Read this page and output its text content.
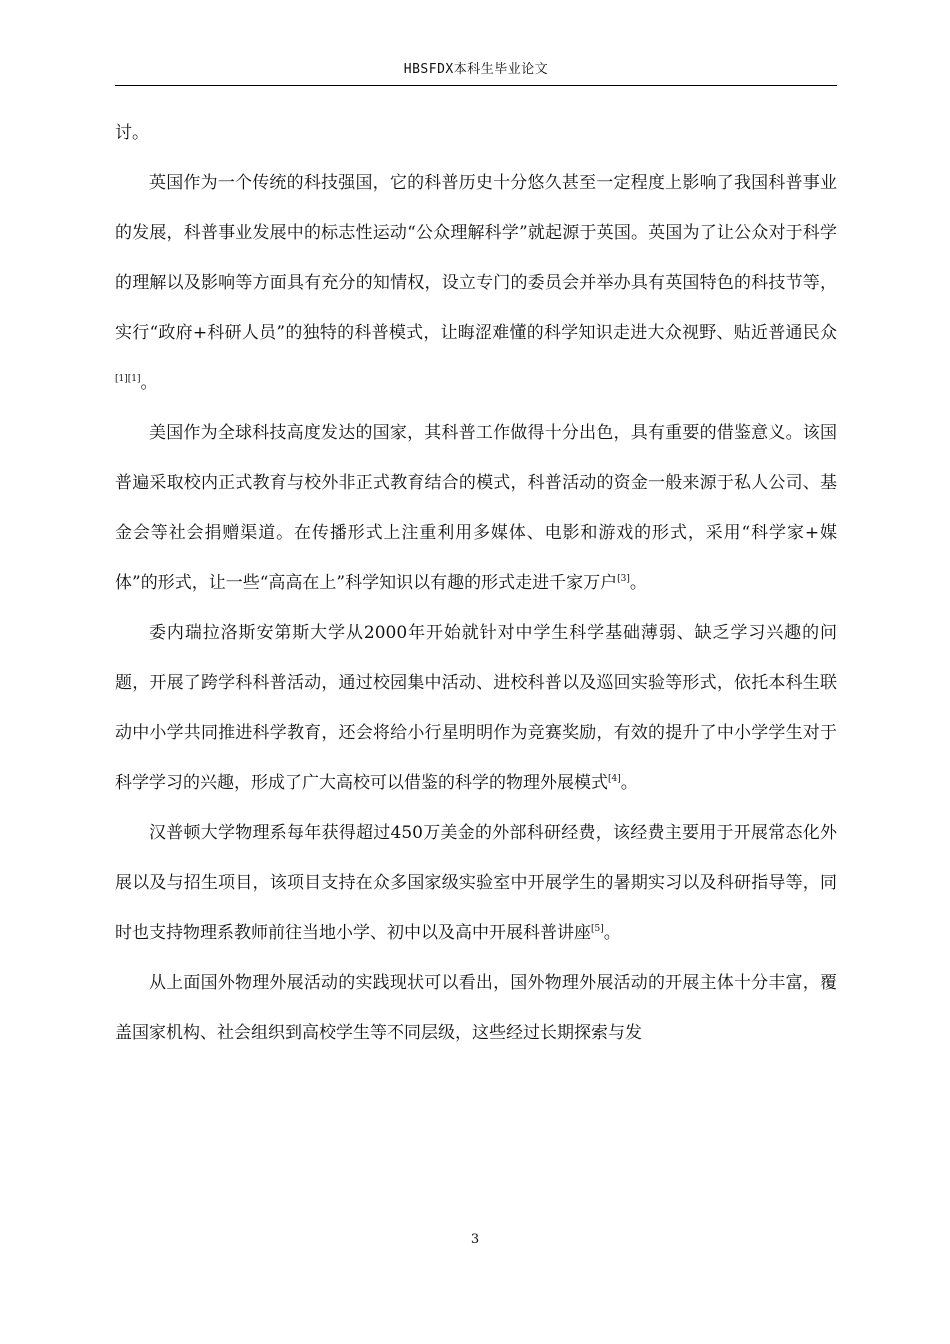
HBSFDX本科生毕业论文

讨。

英国作为一个传统的科技强国，它的科普历史十分悠久甚至一定程度上影响了我国科普事业的发展，科普事业发展中的标志性运动“公众理解科学”就起源于英国。英国为了让公众对于科学的理解以及影响等方面具有充分的知情权，设立专门的委员会并举办具有英国特色的科技节等，实行“政府+科研人员”的独特的科普模式，让晦涩难懂的科学知识走进大众视野、贴近普通民众[1][1]。

美国作为全球科技高度发达的国家，其科普工作做得十分出色，具有重要的借鉴意义。该国普遍采取校内正式教育与校外非正式教育结合的模式，科普活动的资金一般来源于私人公司、基金会等社会捐赠渠道。在传播形式上注重利用多媒体、电影和游戏的形式，采用“科学家+媒体”的形式，让一些“高高在上”科学知识以有趣的形式走进千家万户[3]。

委内瑞拉洛斯安第斯大学从2000年开始就针对中学生科学基础薄弱、缺乏学习兴趣的问题，开展了跨学科科普活动，通过校园集中活动、进校科普以及巡回实验等形式，依托本科生联动中小学共同推进科学教育，还会将给小行星明明作为竞赛奖励，有效的提升了中小学学生对于科学学习的兴趣，形成了广大高校可以借鉴的科学的物理外展模式[4]。

汉普顿大学物理系每年获得超过450万美金的外部科研经费，该经费主要用于开展常态化外展以及与招生项目，该项目支持在众多国家级实验室中开展学生的暑期实习以及科研指导等，同时也支持物理系教师前往当地小学、初中以及高中开展科普讲座[5]。

从上面国外物理外展活动的实践现状可以看出，国外物理外展活动的开展主体十分丰富，覆盖国家机构、社会组织到高校学生等不同层级，这些经过长期探索与发

3
